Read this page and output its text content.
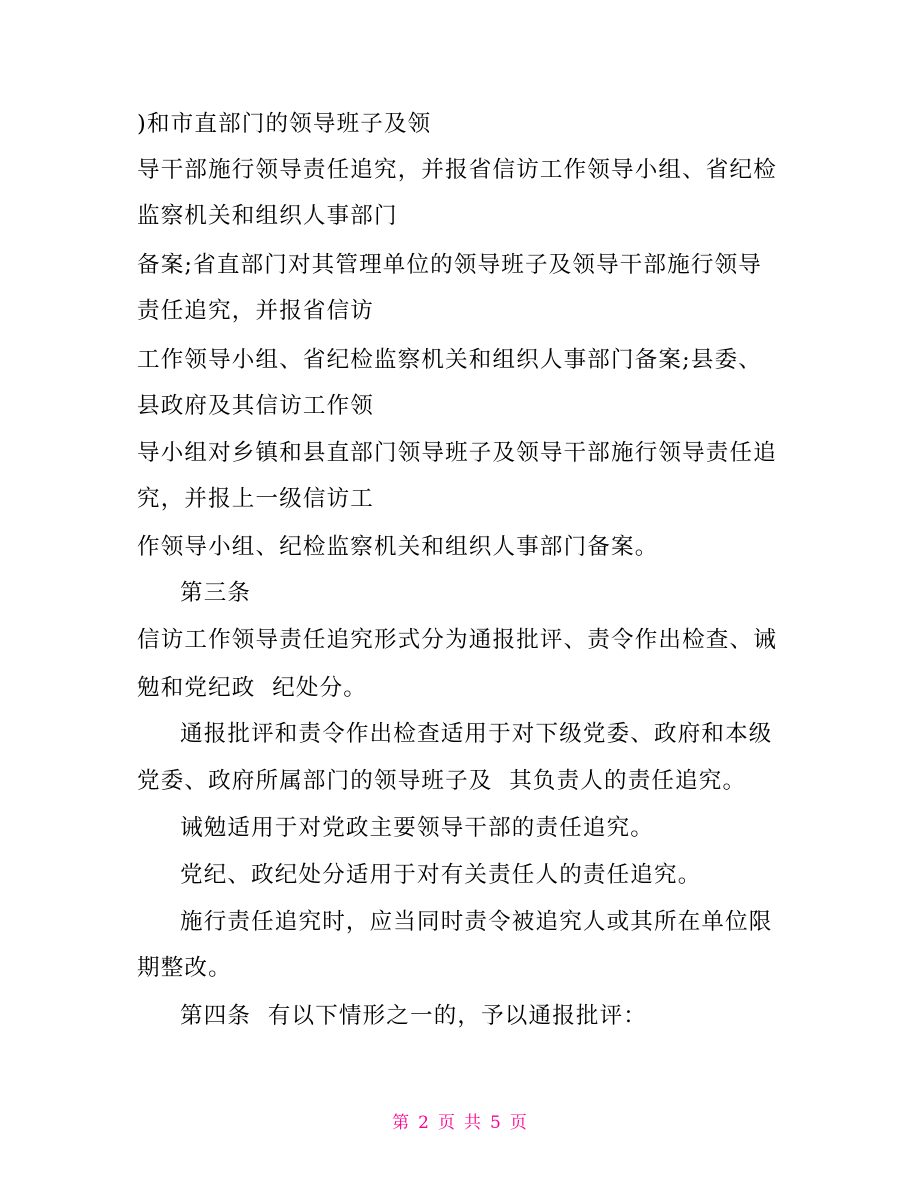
)和市直部门的领导班子及领
导干部施行领导责任追究，并报省信访工作领导小组、省纪检
监察机关和组织人事部门
备案;省直部门对其管理单位的领导班子及领导干部施行领导
责任追究，并报省信访
工作领导小组、省纪检监察机关和组织人事部门备案;县委、
县政府及其信访工作领
导小组对乡镇和县直部门领导班子及领导干部施行领导责任追
究，并报上一级信访工
作领导小组、纪检监察机关和组织人事部门备案。
第三条
信访工作领导责任追究形式分为通报批评、责令作出检查、诫
勉和党纪政  纪处分。
通报批评和责令作出检查适用于对下级党委、政府和本级
党委、政府所属部门的领导班子及  其负责人的责任追究。
诫勉适用于对党政主要领导干部的责任追究。
党纪、政纪处分适用于对有关责任人的责任追究。
施行责任追究时，应当同时责令被追究人或其所在单位限
期整改。
第四条  有以下情形之一的，予以通报批评：
第 2 页 共 5 页
